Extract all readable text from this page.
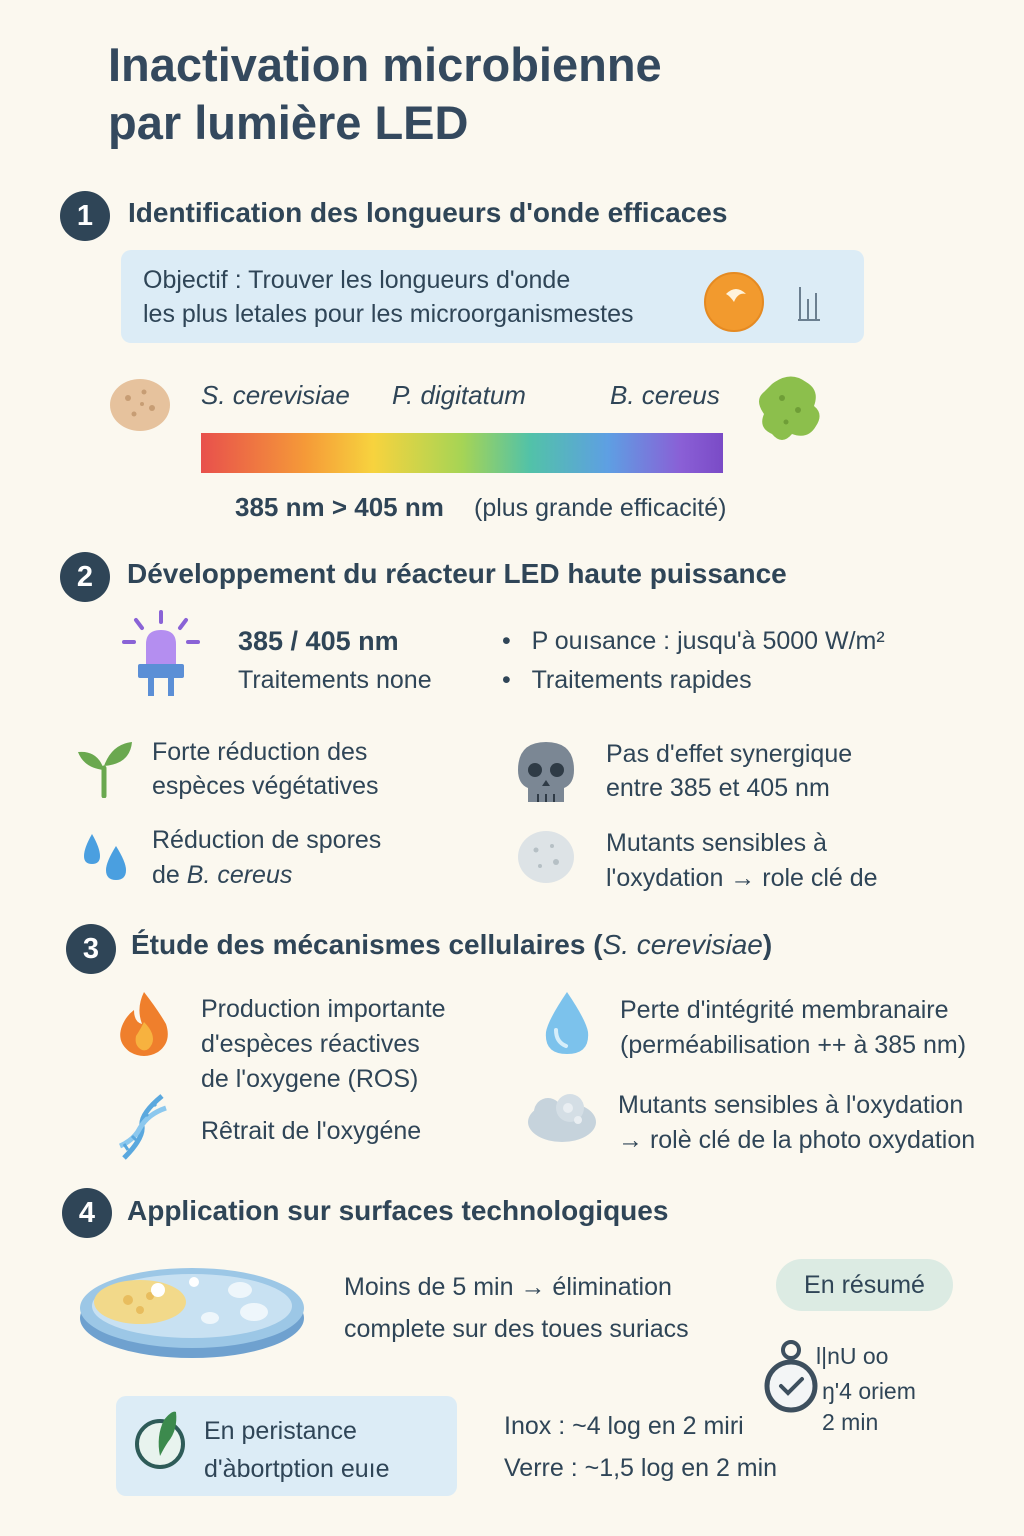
Inactivation microbienne
par lumière LED
1	Identification des longueurs d'onde efficaces
Objectif : Trouver les longueurs d'onde
les plus letales pour les microorganismestes
S. cerevisiae P. digitatum	B. cereus
385 nm > 405 nm (plus grande efficacité)
2	Développement du réacteur LED haute puissance
385 / 405 nm
Traitements none
•   P ouısance : jusqu'à 5000 W/m²
•   Traitements rapides
Forte réduction des
espèces végétatives
Pas d'effet synergique
entre 385 et 405 nm
Réduction de spores
de B. cereus
Mutants sensibles à
l'oxydation → role clé de
3	Étude des mécanismes cellulaires (S. cerevisiae)
Production importante
d'espèces réactives
de l'oxygene (ROS)
Perte d'intégrité membranaire
(perméabilisation ++ à 385 nm)
Rêtrait de l'oxygéne
Mutants sensibles à l'oxydation
→ rolè clé de la photo oxydation
4	Application sur surfaces technologiques
Moins de 5 min → élimination
complete sur des toues suriacs
En résumé
l|nU oo
ŋ'4 oriem
2 min
En peristance
d'àbortption euıe
Inox : ~4 log en 2 miri
Verre : ~1,5 log en 2 min
